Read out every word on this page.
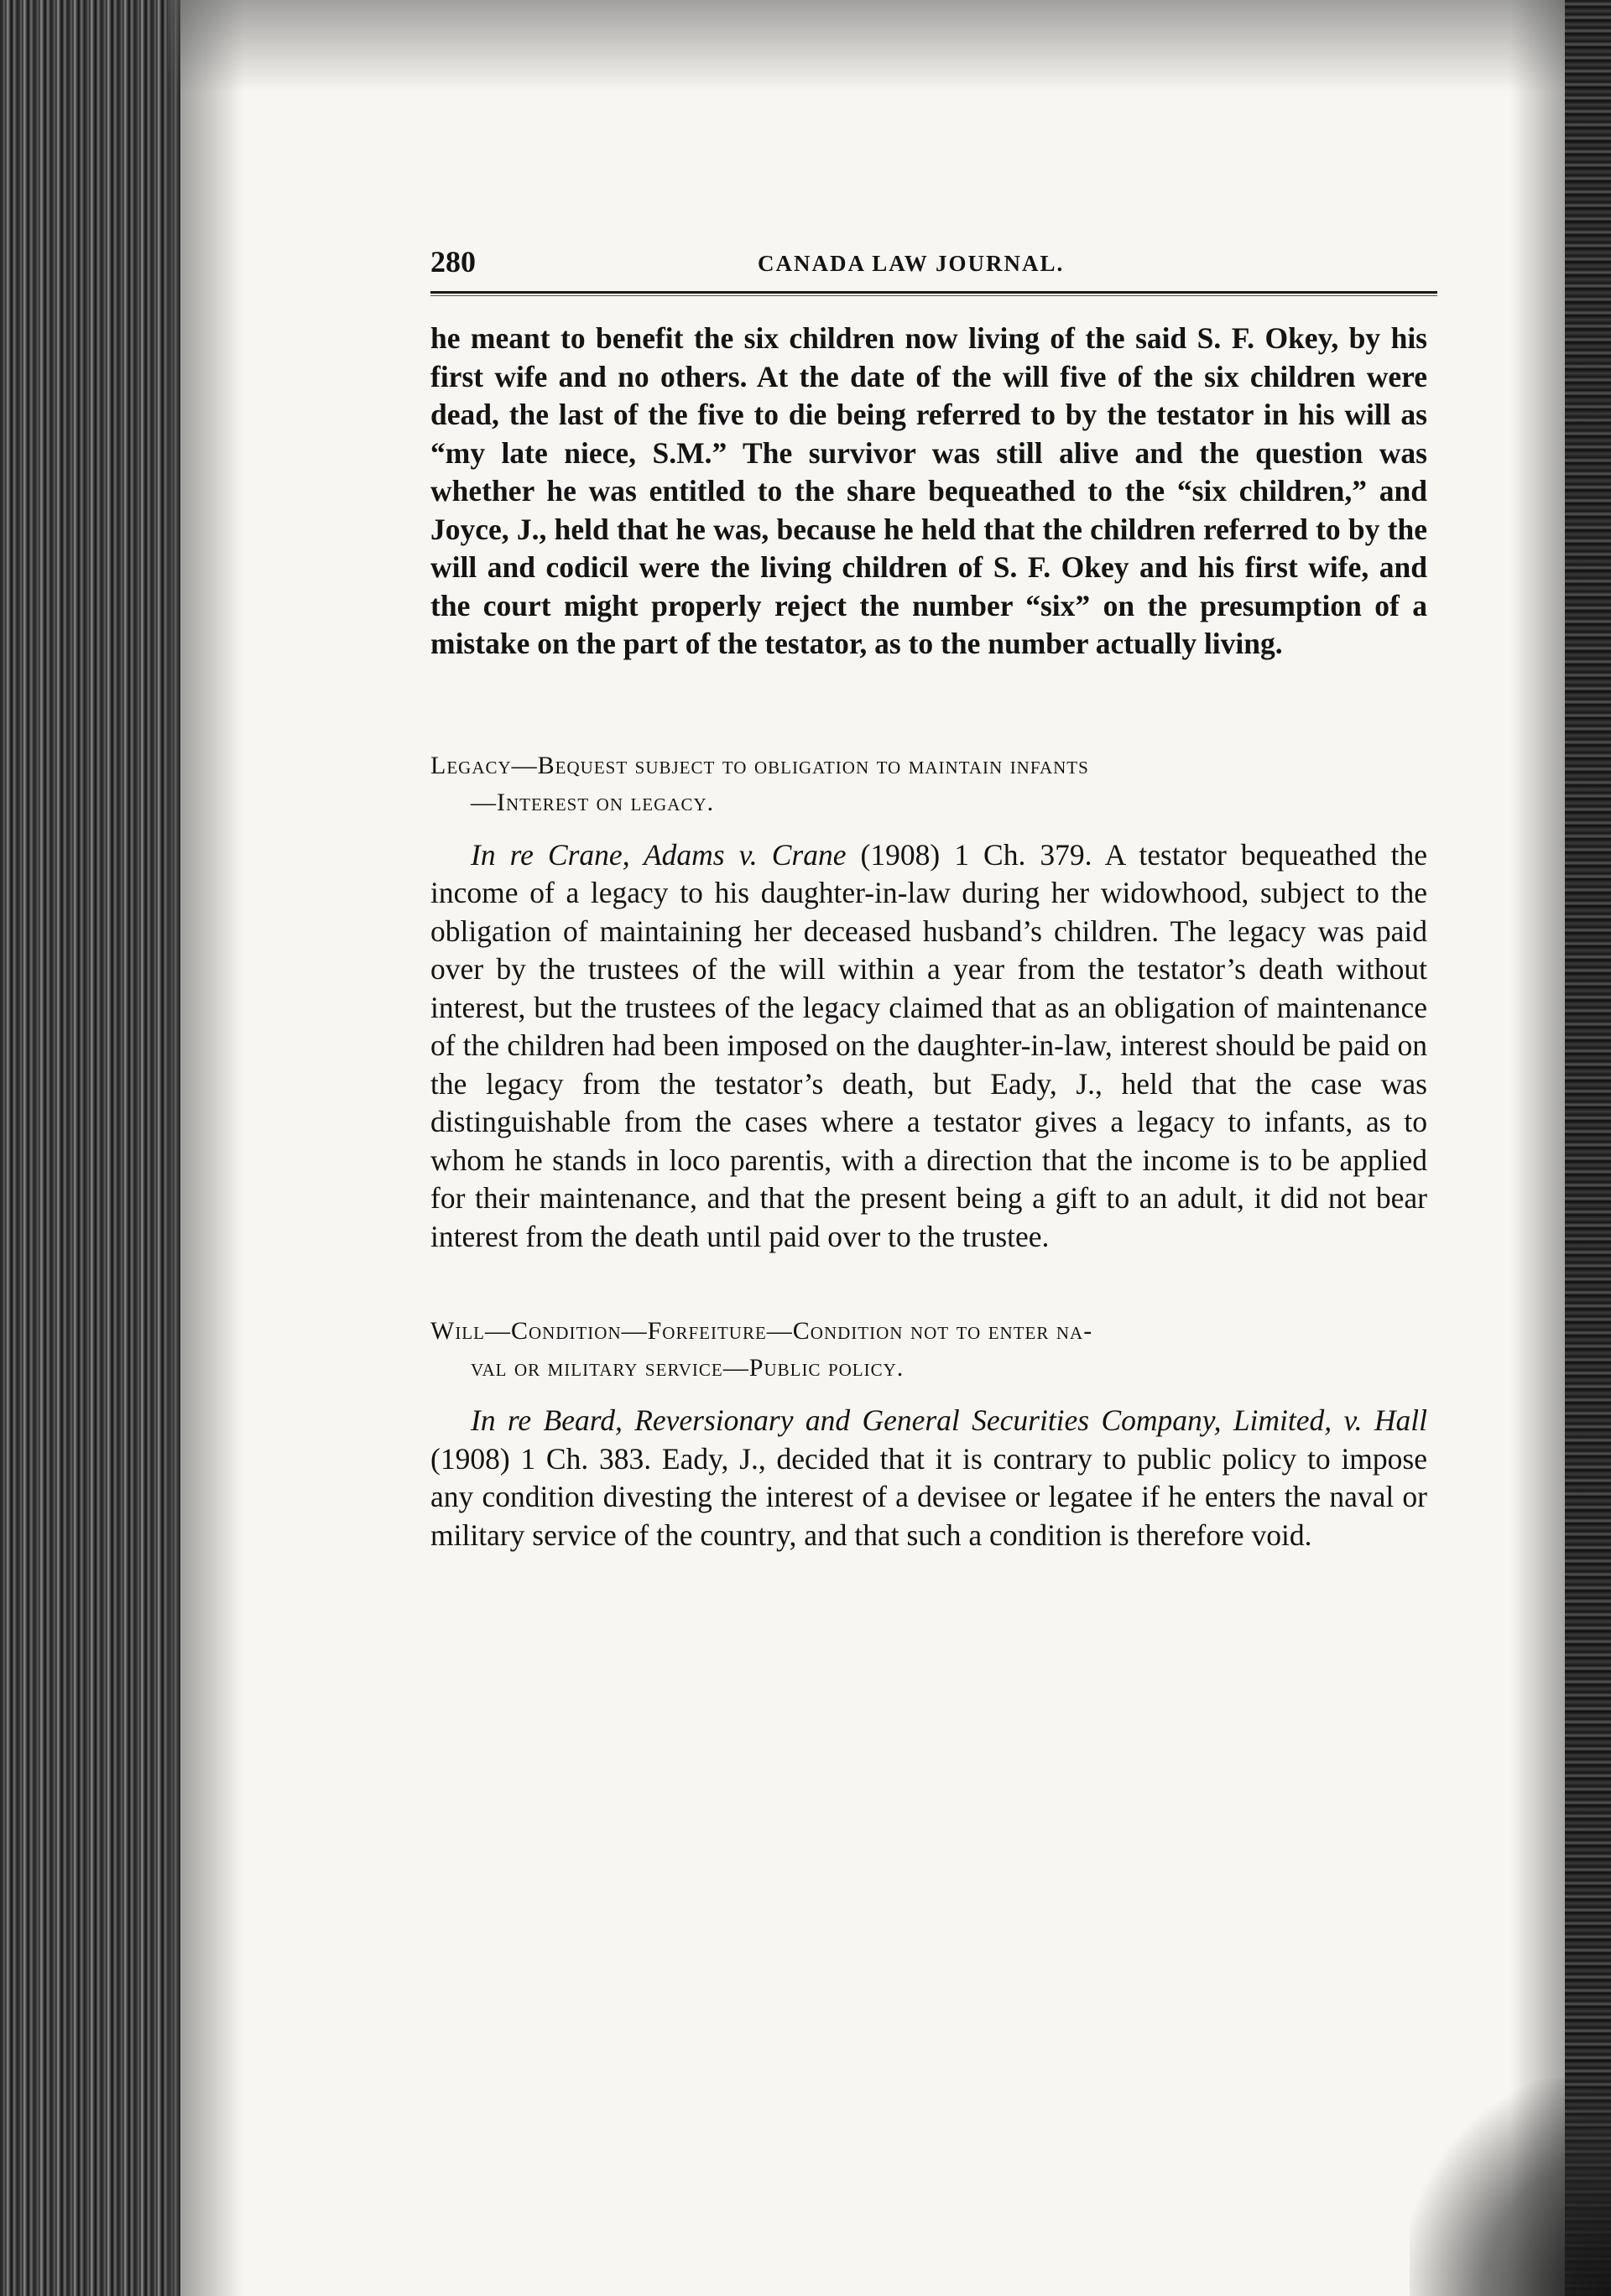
280	CANADA LAW JOURNAL.

he meant to benefit the six children now living of the said S. F. Okey, by his first wife and no others. At the date of the will five of the six children were dead, the last of the five to die being referred to by the testator in his will as “my late niece, S.M.” The survivor was still alive and the question was whether he was entitled to the share bequeathed to the “six children,” and Joyce, J., held that he was, because he held that the children referred to by the will and codicil were the living children of S. F. Okey and his first wife, and the court might properly reject the number “six” on the presumption of a mistake on the part of the testator, as to the number actually living.

Legacy—Bequest subject to obligation to maintain infants
—Interest on legacy.

In re Crane, Adams v. Crane (1908) 1 Ch. 379. A testator bequeathed the income of a legacy to his daughter-in-law during her widowhood, subject to the obligation of maintaining her deceased husband’s children. The legacy was paid over by the trustees of the will within a year from the testator’s death without interest, but the trustees of the legacy claimed that as an obligation of maintenance of the children had been imposed on the daughter-in-law, interest should be paid on the legacy from the testator’s death, but Eady, J., held that the case was distinguishable from the cases where a testator gives a legacy to infants, as to whom he stands in loco parentis, with a direction that the income is to be applied for their maintenance, and that the present being a gift to an adult, it did not bear interest from the death until paid over to the trustee.

Will—Condition—Forfeiture—Condition not to enter na-
val or military service—Public policy.

In re Beard, Reversionary and General Securities Company, Limited, v. Hall (1908) 1 Ch. 383. Eady, J., decided that it is contrary to public policy to impose any condition divesting the interest of a devisee or legatee if he enters the naval or military service of the country, and that such a condition is therefore void.
